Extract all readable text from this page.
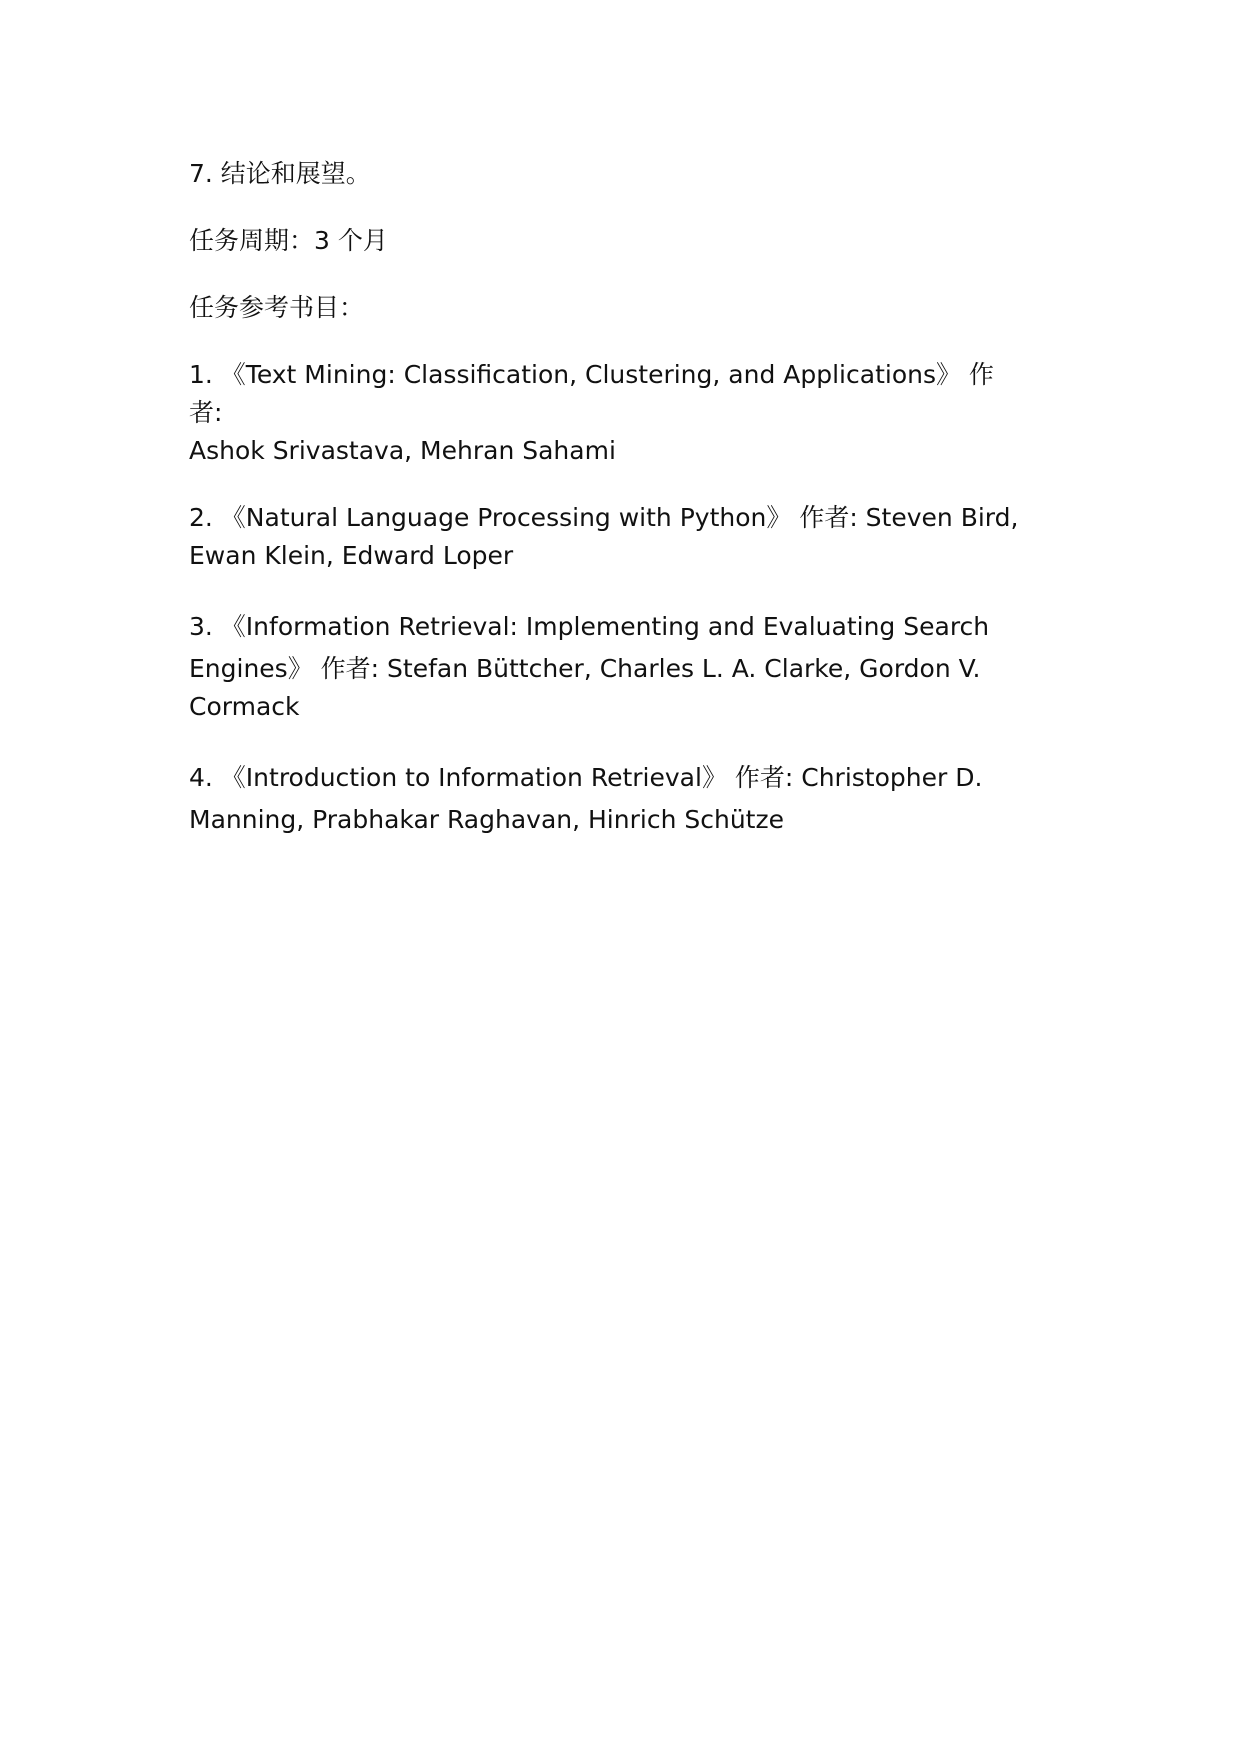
7. 结论和展望。

任务周期：3 个月

任务参考书目：

1. 《Text Mining: Classification, Clustering, and Applications》 作者:
Ashok Srivastava, Mehran Sahami
2. 《Natural Language Processing with Python》 作者: Steven Bird,
Ewan Klein, Edward Loper
3. 《Information Retrieval: Implementing and Evaluating Search
Engines》 作者: Stefan Büttcher, Charles L. A. Clarke, Gordon V.
Cormack
4. 《Introduction to Information Retrieval》 作者: Christopher D.
Manning, Prabhakar Raghavan, Hinrich Schütze
